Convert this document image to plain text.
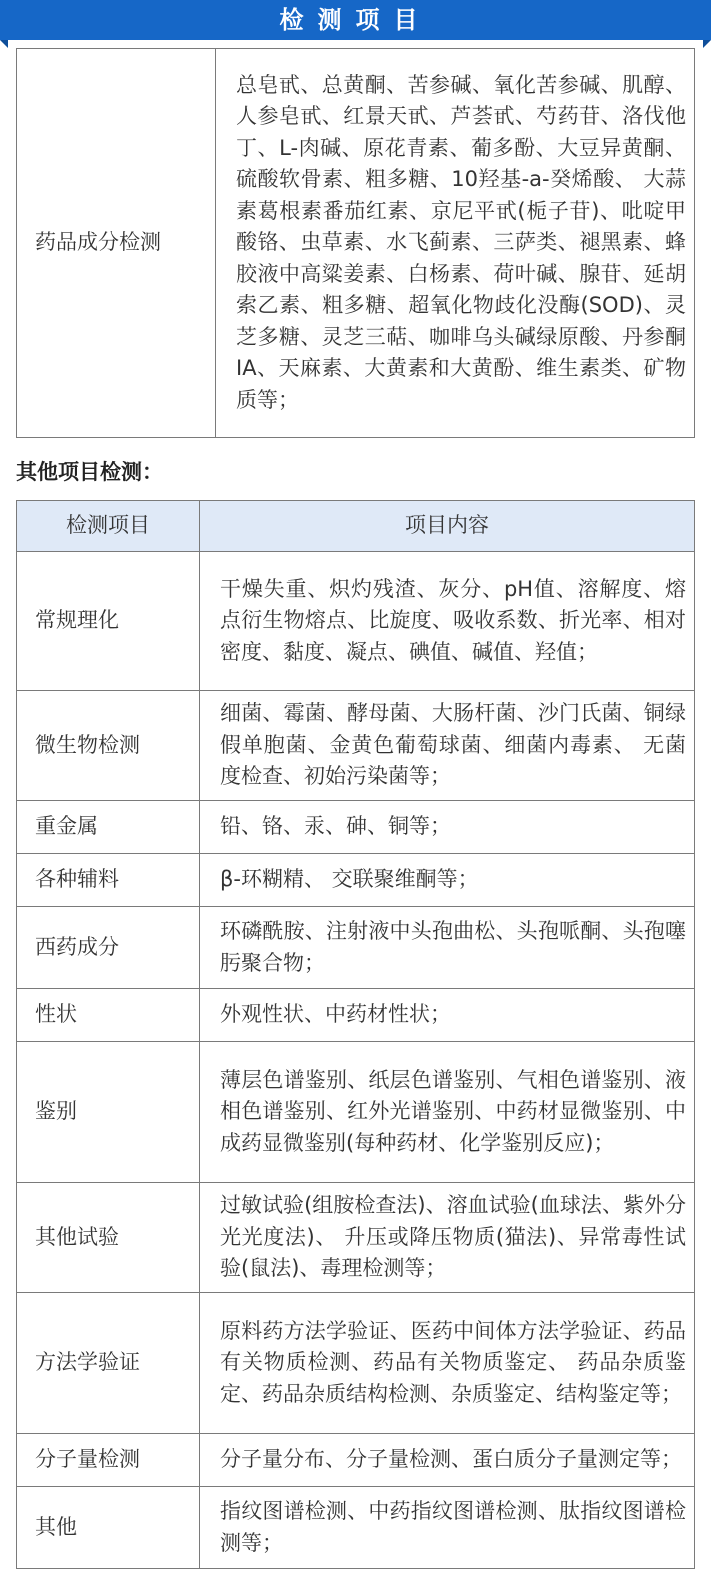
检测项目
药品成分检测	总皂甙、总黄酮、苦参碱、氧化苦参碱、肌醇、人参皂甙、红景天甙、芦荟甙、芍药苷、洛伐他丁、L-肉碱、原花青素、葡多酚、大豆异黄酮、硫酸软骨素、粗多糖、10羟基-a-癸烯酸、 大蒜素葛根素番茄红素、京尼平甙(栀子苷)、吡啶甲酸铬、虫草素、水飞蓟素、三萨类、褪黑素、蜂胶液中高粱姜素、白杨素、荷叶碱、腺苷、延胡索乙素、粗多糖、超氧化物歧化没酶(SOD)、灵芝多糖、灵芝三萜、咖啡乌头碱绿原酸、丹参酮IA、天麻素、大黄素和大黄酚、维生素类、矿物质等；
其他项目检测：
检测项目	项目内容
常规理化	干燥失重、炽灼残渣、灰分、pH值、溶解度、熔点衍生物熔点、比旋度、吸收系数、折光率、相对密度、黏度、凝点、碘值、碱值、羟值；
微生物检测	细菌、霉菌、酵母菌、大肠杆菌、沙门氏菌、铜绿假单胞菌、金黄色葡萄球菌、细菌内毒素、 无菌度检查、初始污染菌等；
重金属	铅、铬、汞、砷、铜等；
各种辅料	β-环糊精、 交联聚维酮等；
西药成分	环磷酰胺、注射液中头孢曲松、头孢哌酮、头孢噻肟聚合物；
性状	外观性状、中药材性状；
鉴别	薄层色谱鉴别、纸层色谱鉴别、气相色谱鉴别、液相色谱鉴别、红外光谱鉴别、中药材显微鉴别、中成药显微鉴别(每种药材、化学鉴别反应)；
其他试验	过敏试验(组胺检查法)、溶血试验(血球法、紫外分光光度法)、 升压或降压物质(猫法)、异常毒性试验(鼠法)、毒理检测等；
方法学验证	原料药方法学验证、医药中间体方法学验证、药品有关物质检测、药品有关物质鉴定、 药品杂质鉴定、药品杂质结构检测、杂质鉴定、结构鉴定等；
分子量检测	分子量分布、分子量检测、蛋白质分子量测定等；
其他	指纹图谱检测、中药指纹图谱检测、肽指纹图谱检测等；
